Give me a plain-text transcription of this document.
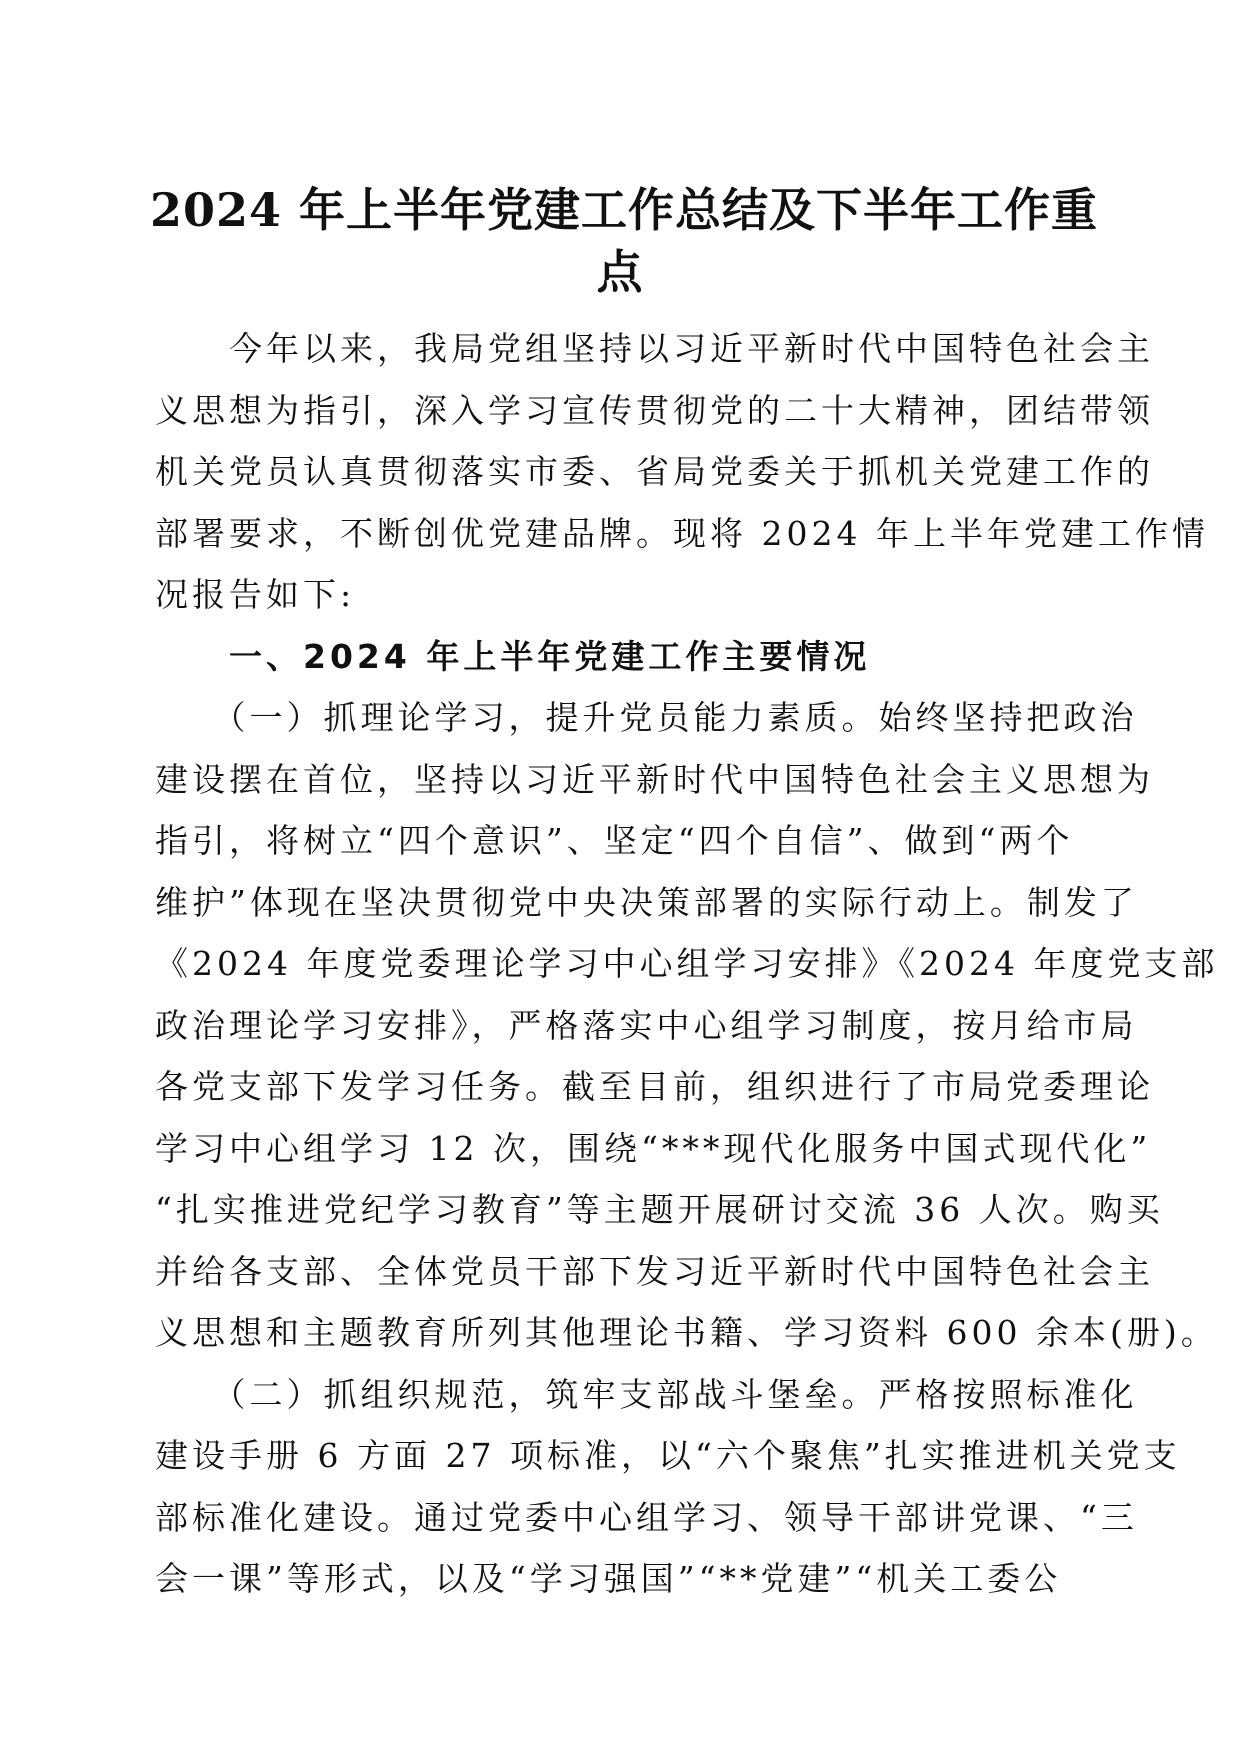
2024 年上半年党建工作总结及下半年工作重
点
　　今年以来，我局党组坚持以习近平新时代中国特色社会主
义思想为指引，深入学习宣传贯彻党的二十大精神，团结带领
机关党员认真贯彻落实市委、省局党委关于抓机关党建工作的
部署要求，不断创优党建品牌。现将 2024 年上半年党建工作情
况报告如下:
　　一、2024 年上半年党建工作主要情况
　　（一）抓理论学习，提升党员能力素质。始终坚持把政治
建设摆在首位，坚持以习近平新时代中国特色社会主义思想为
指引，将树立“四个意识”、坚定“四个自信”、做到“两个
维护”体现在坚决贯彻党中央决策部署的实际行动上。制发了
《2024 年度党委理论学习中心组学习安排》《2024 年度党支部
政治理论学习安排》，严格落实中心组学习制度，按月给市局
各党支部下发学习任务。截至目前，组织进行了市局党委理论
学习中心组学习 12 次，围绕“***现代化服务中国式现代化”
“扎实推进党纪学习教育”等主题开展研讨交流 36 人次。购买
并给各支部、全体党员干部下发习近平新时代中国特色社会主
义思想和主题教育所列其他理论书籍、学习资料 600 余本(册)。
　　（二）抓组织规范，筑牢支部战斗堡垒。严格按照标准化
建设手册 6 方面 27 项标准，以“六个聚焦”扎实推进机关党支
部标准化建设。通过党委中心组学习、领导干部讲党课、“三
会一课”等形式，以及“学习强国”“**党建”“机关工委公
